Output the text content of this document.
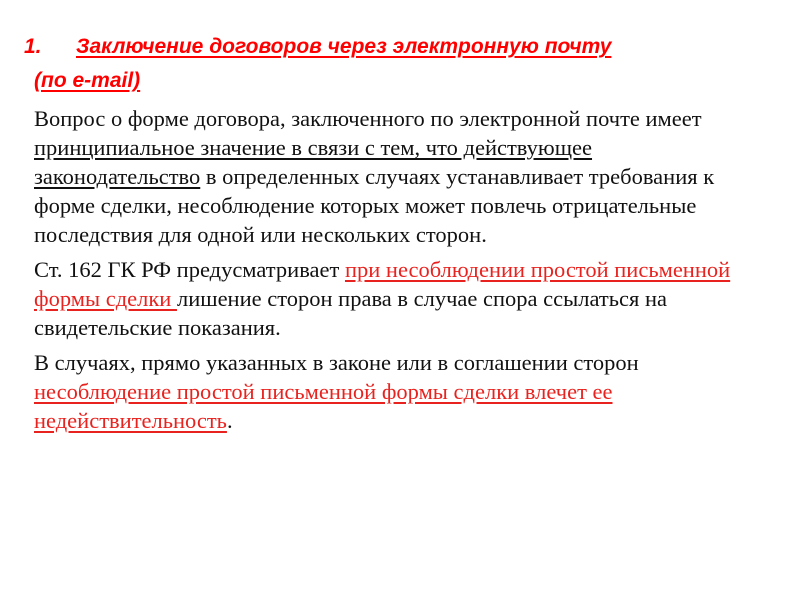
1. Заключение договоров через электронную почту
(по e-mail)

Вопрос о форме договора, заключенного по электронной почте имеет принципиальное значение в связи с тем, что действующее законодательство в определенных случаях устанавливает требования к форме сделки, несоблюдение которых может повлечь отрицательные последствия для одной или нескольких сторон.

Ст. 162 ГК РФ предусматривает при несоблюдении простой письменной формы сделки лишение сторон права в случае спора ссылаться на свидетельские показания.

В случаях, прямо указанных в законе или в соглашении сторон несоблюдение простой письменной формы сделки влечет ее недействительность.
